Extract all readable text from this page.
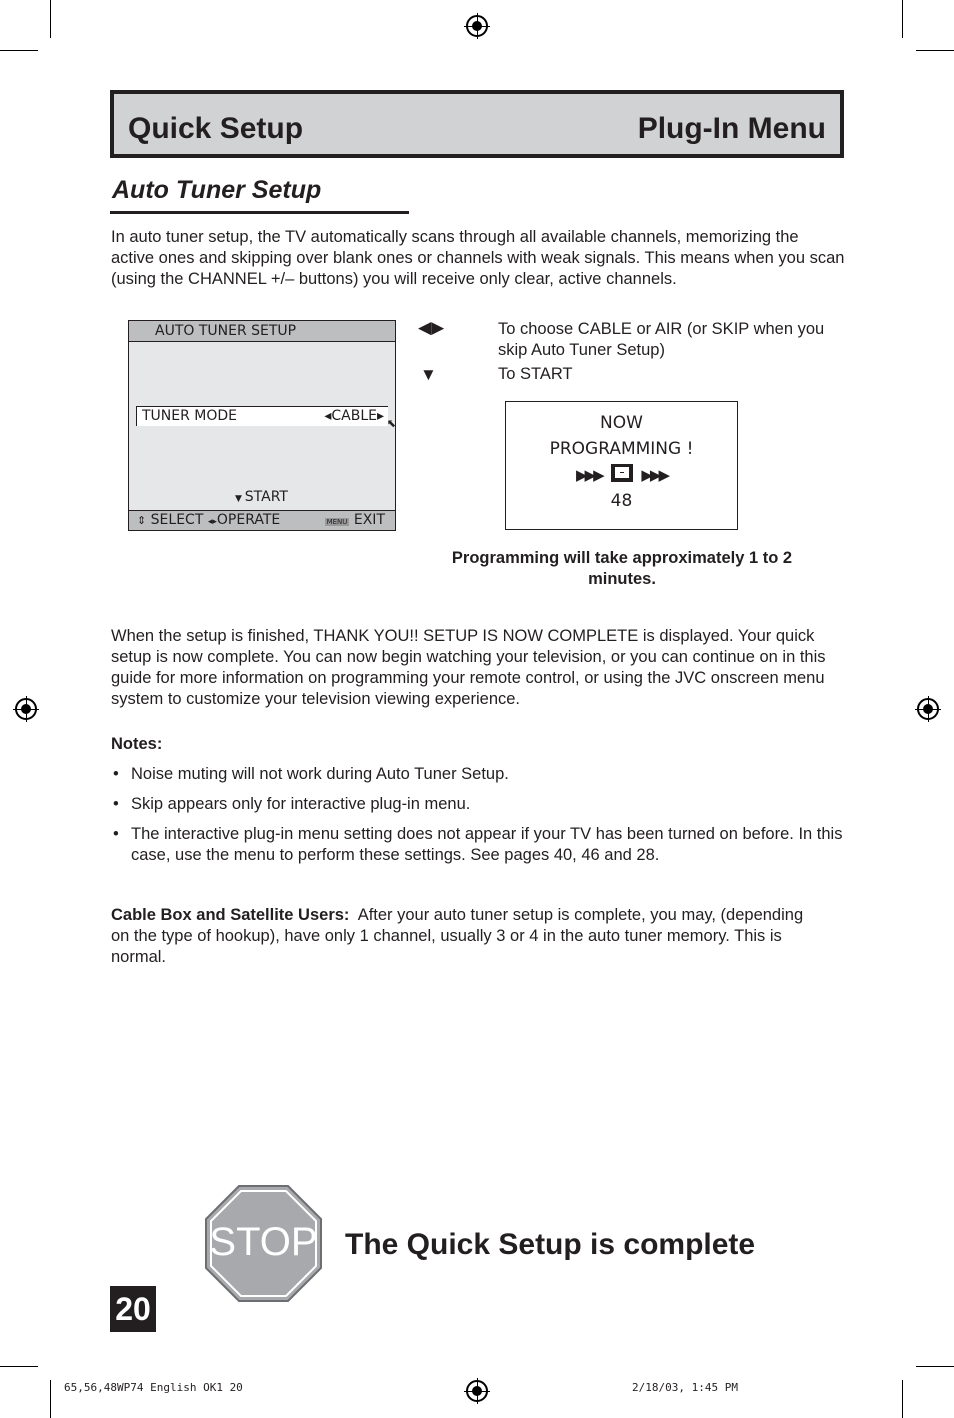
Quick Setup	Plug-In Menu
Auto Tuner Setup

In auto tuner setup, the TV automatically scans through all available channels, memorizing the active ones and skipping over blank ones or channels with weak signals. This means when you scan (using the CHANNEL +/– buttons) you will receive only clear, active channels.

AUTO TUNER SETUP
TUNER MODE	◂CABLE▸ ⬉
▼ START
⇕ SELECT ◂▸OPERATE	MENU EXIT
◀▶	To choose CABLE or AIR (or SKIP when you skip Auto Tuner Setup)

▼	To START

NOW
PROGRAMMING !
▶▶▶	▶▶▶
48

Programming will take approximately 1 to 2 minutes.

When the setup is finished, THANK YOU!! SETUP IS NOW COMPLETE is displayed. Your quick setup is now complete. You can now begin watching your television, or you can continue on in this guide for more information on programming your remote control, or using the JVC onscreen menu system to customize your television viewing experience.

Notes:
• Noise muting will not work during Auto Tuner Setup.
• Skip appears only for interactive plug-in menu.
• The interactive plug-in menu setting does not appear if your TV has been turned on before. In this case, use the menu to perform these settings. See pages 40, 46 and 28.

Cable Box and Satellite Users: After your auto tuner setup is complete, you may, (depending on the type of hookup), have only 1 channel, usually 3 or 4 in the auto tuner memory. This is normal.

STOP The Quick Setup is complete
20
65,56,48WP74 English OK1 20	2/18/03, 1:45 PM
